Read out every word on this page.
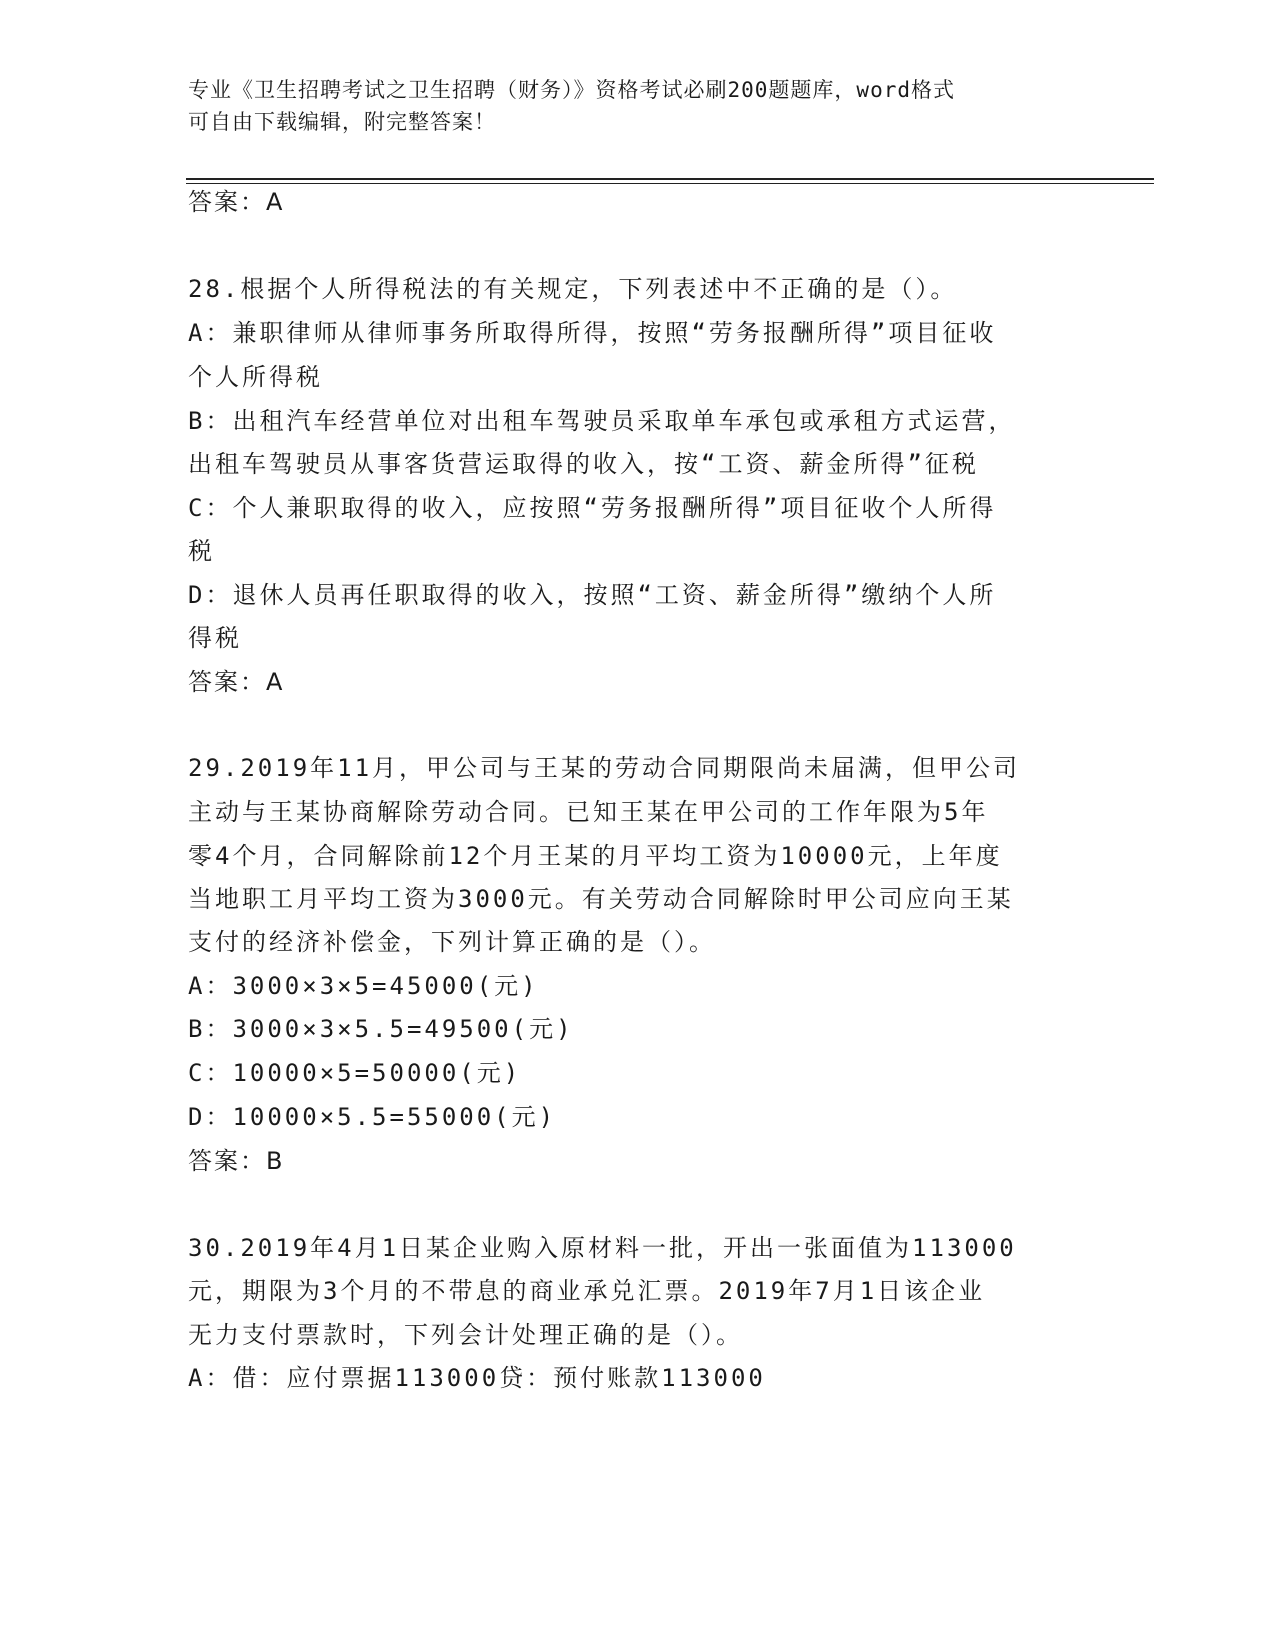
专业《卫生招聘考试之卫生招聘（财务）》资格考试必刷200题题库，word格式
可自由下载编辑，附完整答案！
答案：A
28.根据个人所得税法的有关规定，下列表述中不正确的是（）。
A：兼职律师从律师事务所取得所得，按照“劳务报酬所得”项目征收
个人所得税
B：出租汽车经营单位对出租车驾驶员采取单车承包或承租方式运营，
出租车驾驶员从事客货营运取得的收入，按“工资、薪金所得”征税
C：个人兼职取得的收入，应按照“劳务报酬所得”项目征收个人所得
税
D：退休人员再任职取得的收入，按照“工资、薪金所得”缴纳个人所
得税
答案：A
29.2019年11月，甲公司与王某的劳动合同期限尚未届满，但甲公司
主动与王某协商解除劳动合同。已知王某在甲公司的工作年限为5年
零4个月，合同解除前12个月王某的月平均工资为10000元，上年度
当地职工月平均工资为3000元。有关劳动合同解除时甲公司应向王某
支付的经济补偿金，下列计算正确的是（）。
A：3000×3×5=45000(元)
B：3000×3×5.5=49500(元)
C：10000×5=50000(元)
D：10000×5.5=55000(元)
答案：B
30.2019年4月1日某企业购入原材料一批，开出一张面值为113000
元，期限为3个月的不带息的商业承兑汇票。2019年7月1日该企业
无力支付票款时，下列会计处理正确的是（）。
A：借：应付票据113000贷：预付账款113000
